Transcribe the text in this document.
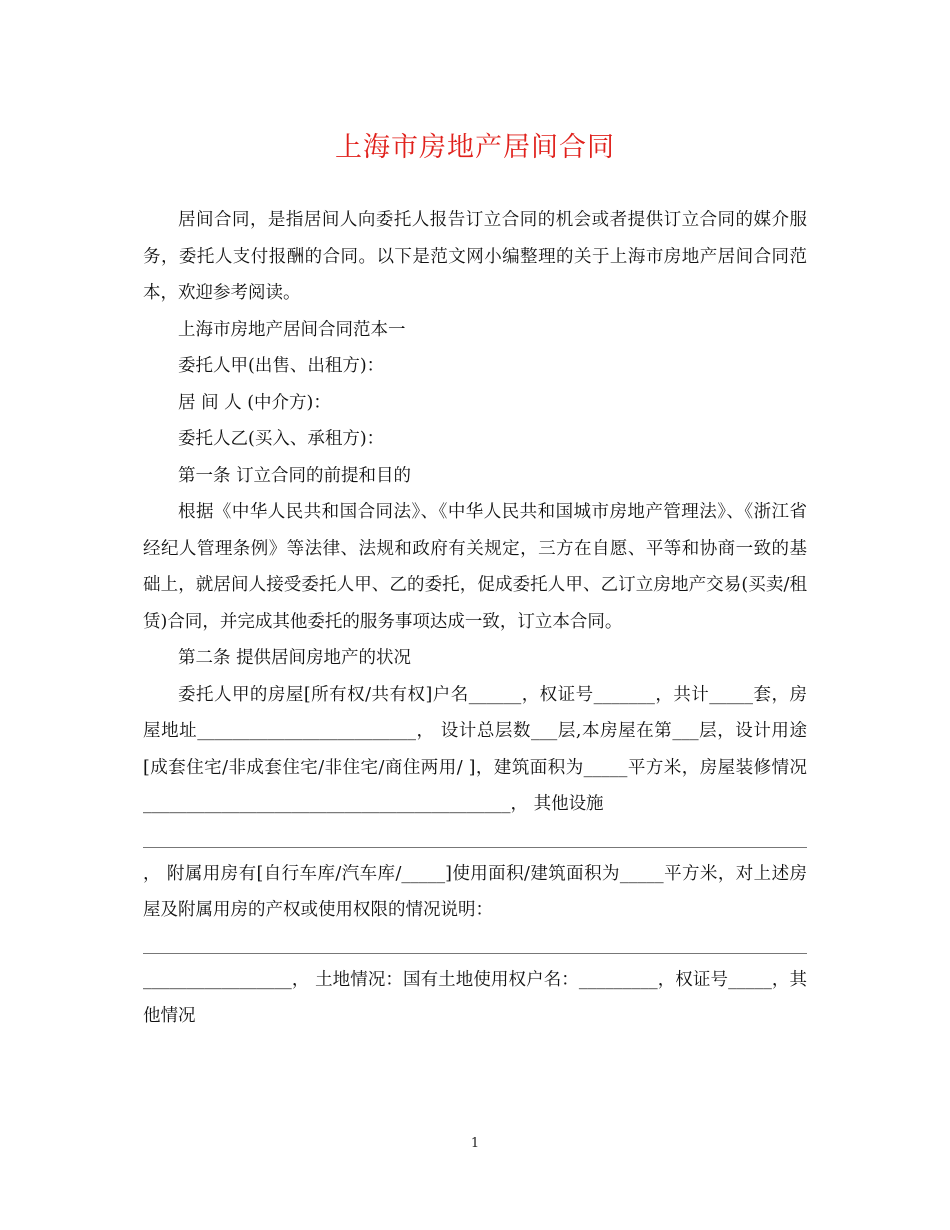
上海市房地产居间合同

居间合同，是指居间人向委托人报告订立合同的机会或者提供订立合同的媒介服务，委托人支付报酬的合同。以下是范文网小编整理的关于上海市房地产居间合同范本，欢迎参考阅读。

上海市房地产居间合同范本一

委托人甲(出售、出租方)：

居 间 人 (中介方)：

委托人乙(买入、承租方)：

第一条 订立合同的前提和目的

根据《中华人民共和国合同法》、《中华人民共和国城市房地产管理法》、《浙江省经纪人管理条例》等法律、法规和政府有关规定，三方在自愿、平等和协商一致的基础上，就居间人接受委托人甲、乙的委托，促成委托人甲、乙订立房地产交易(买卖/租赁)合同，并完成其他委托的服务事项达成一致，订立本合同。

第二条 提供居间房地产的状况

委托人甲的房屋[所有权/共有权]户名______，权证号_______，共计_____套，房屋地址_________________________， 设计总层数___层,本房屋在第___层，设计用途[成套住宅/非成套住宅/非住宅/商住两用/ ]，建筑面积为_____平方米，房屋装修情况__________________________________________， 其他设施

， 附属用房有[自行车库/汽车库/_____]使用面积/建筑面积为_____平方米，对上述房屋及附属用房的产权或使用权限的情况说明：

_________________， 土地情况：国有土地使用权户名：_________，权证号_____，其他情况

1
